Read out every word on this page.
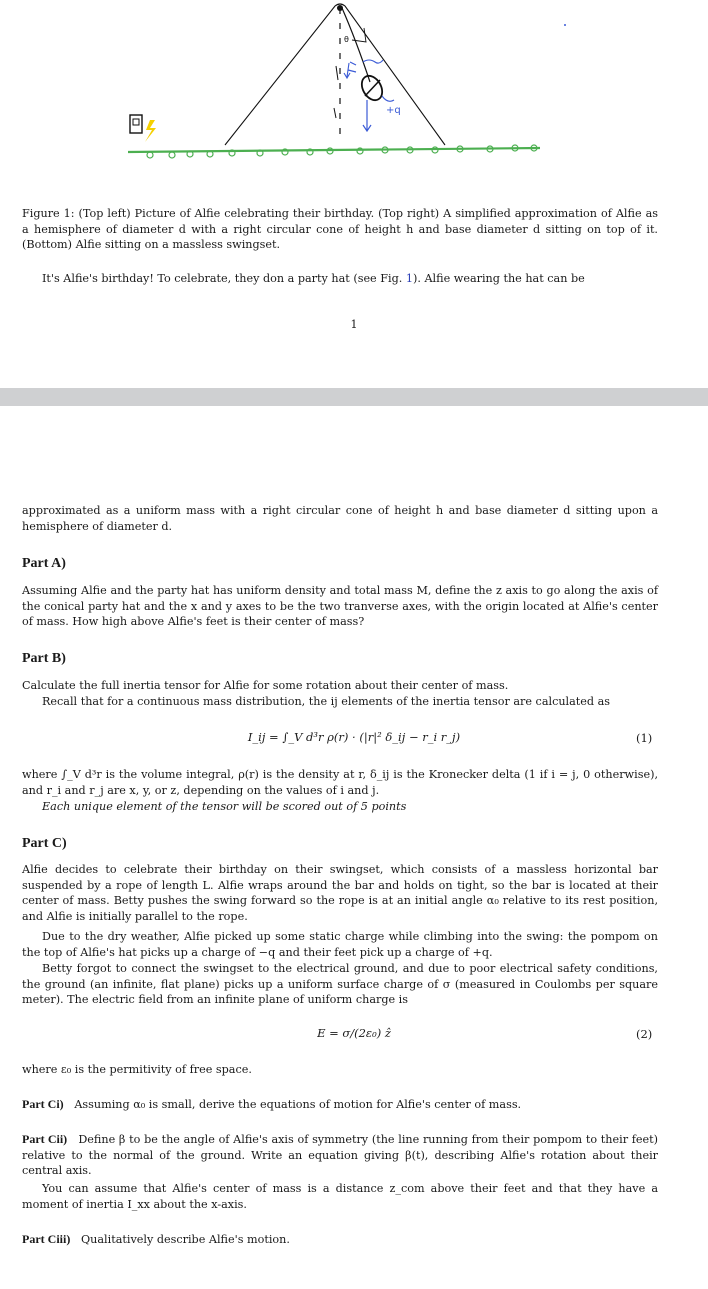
+q
θ
Figure 1: (Top left) Picture of Alfie celebrating their birthday. (Top right) A simplified approximation of Alfie as a hemisphere of diameter d with a right circular cone of height h and base diameter d sitting on top of it. (Bottom) Alfie sitting on a massless swingset.
It's Alfie's birthday! To celebrate, they don a party hat (see Fig. 1). Alfie wearing the hat can be
1
approximated as a uniform mass with a right circular cone of height h and base diameter d sitting upon a hemisphere of diameter d.
Part A)
Assuming Alfie and the party hat has uniform density and total mass M, define the z axis to go along the axis of the conical party hat and the x and y axes to be the two tranverse axes, with the origin located at Alfie's center of mass. How high above Alfie's feet is their center of mass?
Part B)
Calculate the full inertia tensor for Alfie for some rotation about their center of mass.
Recall that for a continuous mass distribution, the ij elements of the inertia tensor are calculated as
I_ij = ∫_V d³r ρ(r) · (|r|² δ_ij − r_i r_j)	(1)
where ∫_V d³r is the volume integral, ρ(r) is the density at r, δ_ij is the Kronecker delta (1 if i = j, 0 otherwise), and r_i and r_j are x, y, or z, depending on the values of i and j.
Each unique element of the tensor will be scored out of 5 points
Part C)
Alfie decides to celebrate their birthday on their swingset, which consists of a massless horizontal bar suspended by a rope of length L. Alfie wraps around the bar and holds on tight, so the bar is located at their center of mass. Betty pushes the swing forward so the rope is at an initial angle α₀ relative to its rest position, and Alfie is initially parallel to the rope.
Due to the dry weather, Alfie picked up some static charge while climbing into the swing: the pompom on the top of Alfie's hat picks up a charge of −q and their feet pick up a charge of +q.
Betty forgot to connect the swingset to the electrical ground, and due to poor electrical safety conditions, the ground (an infinite, flat plane) picks up a uniform surface charge of σ (measured in Coulombs per square meter). The electric field from an infinite plane of uniform charge is
E = σ/(2ε₀) ẑ	(2)
where ε₀ is the permitivity of free space.
Part Ci) Assuming α₀ is small, derive the equations of motion for Alfie's center of mass.
Part Cii) Define β to be the angle of Alfie's axis of symmetry (the line running from their pompom to their feet) relative to the normal of the ground. Write an equation giving β(t), describing Alfie's rotation about their central axis.
You can assume that Alfie's center of mass is a distance z_com above their feet and that they have a moment of inertia I_xx about the x-axis.
Part Ciii) Qualitatively describe Alfie's motion.
